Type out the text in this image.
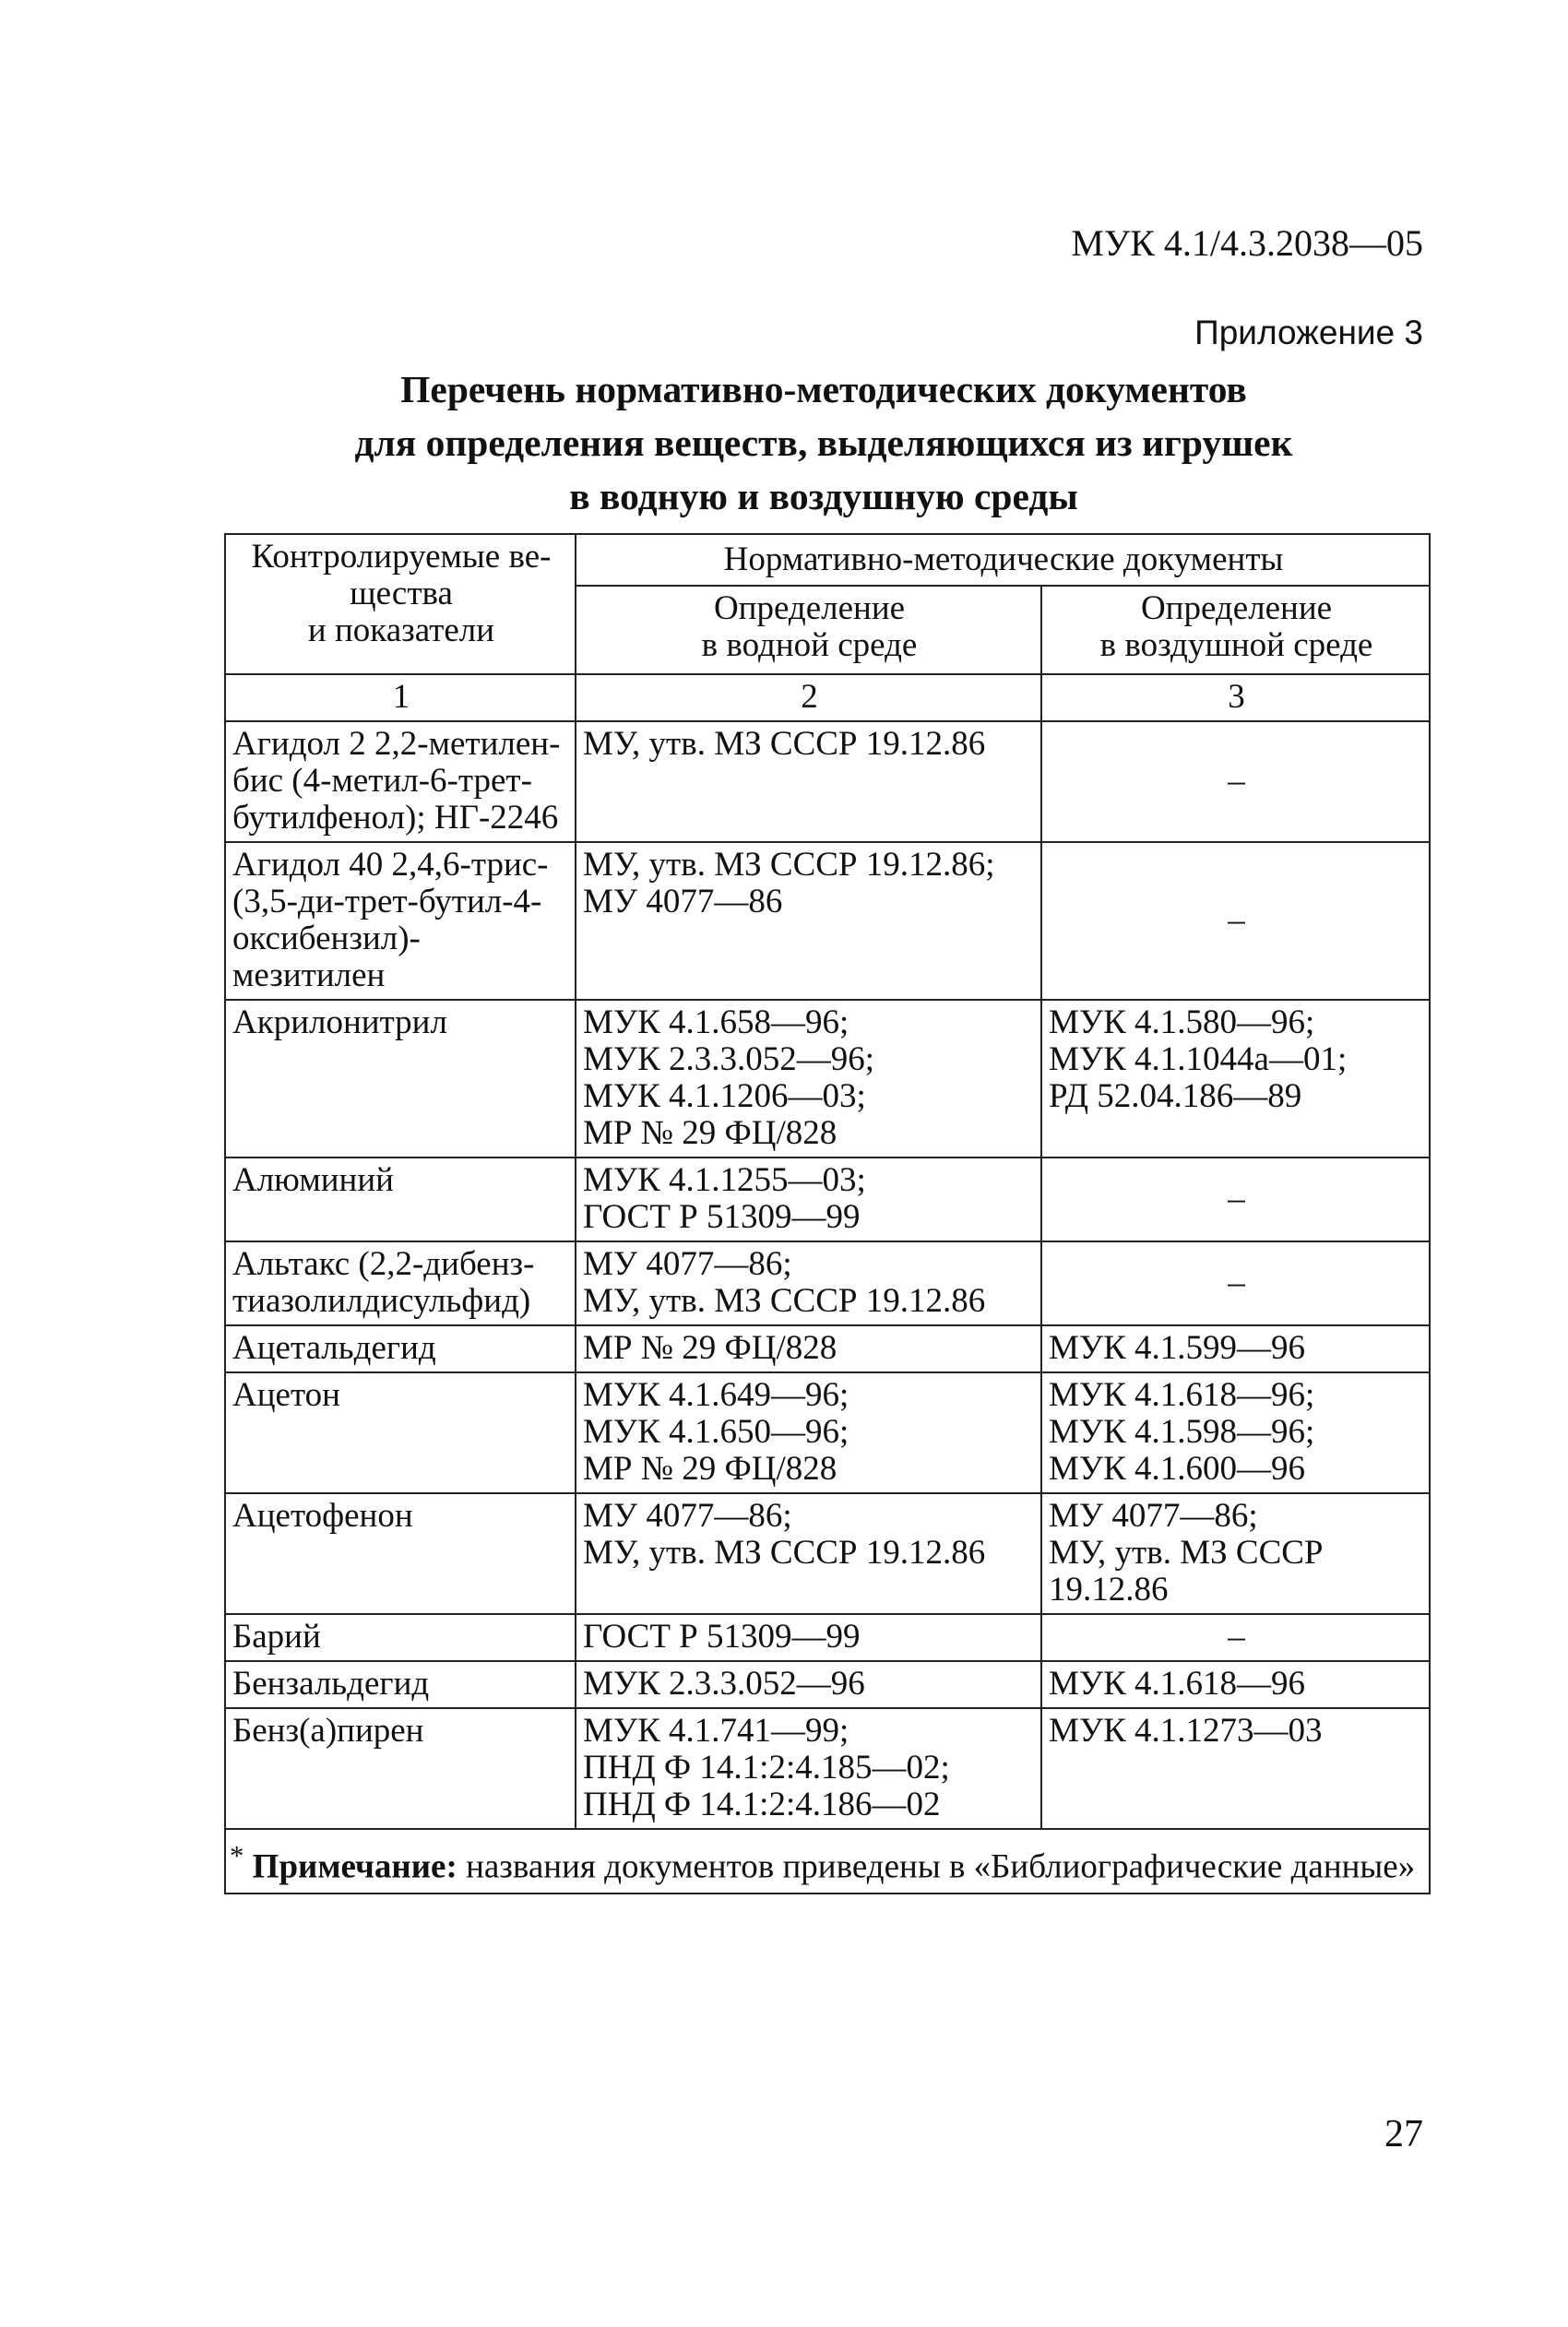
МУК 4.1/4.3.2038—05
Приложение 3
Перечень нормативно-методических документов
для определения веществ, выделяющихся из игрушек
в водную и воздушную среды
Контролируемые ве-
щества
и показатели	Нормативно-методические документы	

	Определение
в водной среде	Определение
в воздушной среде

1	2	3

Агидол 2 2,2-метилен-
бис (4-метил-6-трет-
бутилфенол); НГ-2246	МУ, утв. МЗ СССР 19.12.86	–

Агидол 40 2,4,6-трис-
(3,5-ди-трет-бутил-4-
оксибензил)-
мезитилен	МУ, утв. МЗ СССР 19.12.86;
МУ 4077—86	–

Акрилонитрил	МУК 4.1.658—96;
МУК 2.3.3.052—96;
МУК 4.1.1206—03;
МР № 29 ФЦ/828	МУК 4.1.580—96;
МУК 4.1.1044а—01;
РД 52.04.186—89

Алюминий	МУК 4.1.1255—03;
ГОСТ Р 51309—99	–

Альтакс (2,2-дибенз-
тиазолилдисульфид)	МУ 4077—86;
МУ, утв. МЗ СССР 19.12.86	–

Ацетальдегид	МР № 29 ФЦ/828	МУК 4.1.599—96

Ацетон	МУК 4.1.649—96;
МУК 4.1.650—96;
МР № 29 ФЦ/828	МУК 4.1.618—96;
МУК 4.1.598—96;
МУК 4.1.600—96

Ацетофенон	МУ 4077—86;
МУ, утв. МЗ СССР 19.12.86	МУ 4077—86;
МУ, утв. МЗ СССР
19.12.86

Барий	ГОСТ Р 51309—99	–

Бензальдегид	МУК 2.3.3.052—96	МУК 4.1.618—96

Бенз(а)пирен	МУК 4.1.741—99;
ПНД Ф 14.1:2:4.185—02;
ПНД Ф 14.1:2:4.186—02	МУК 4.1.1273—03

* Примечание: названия документов приведены в «Библиографические данные»		
27
